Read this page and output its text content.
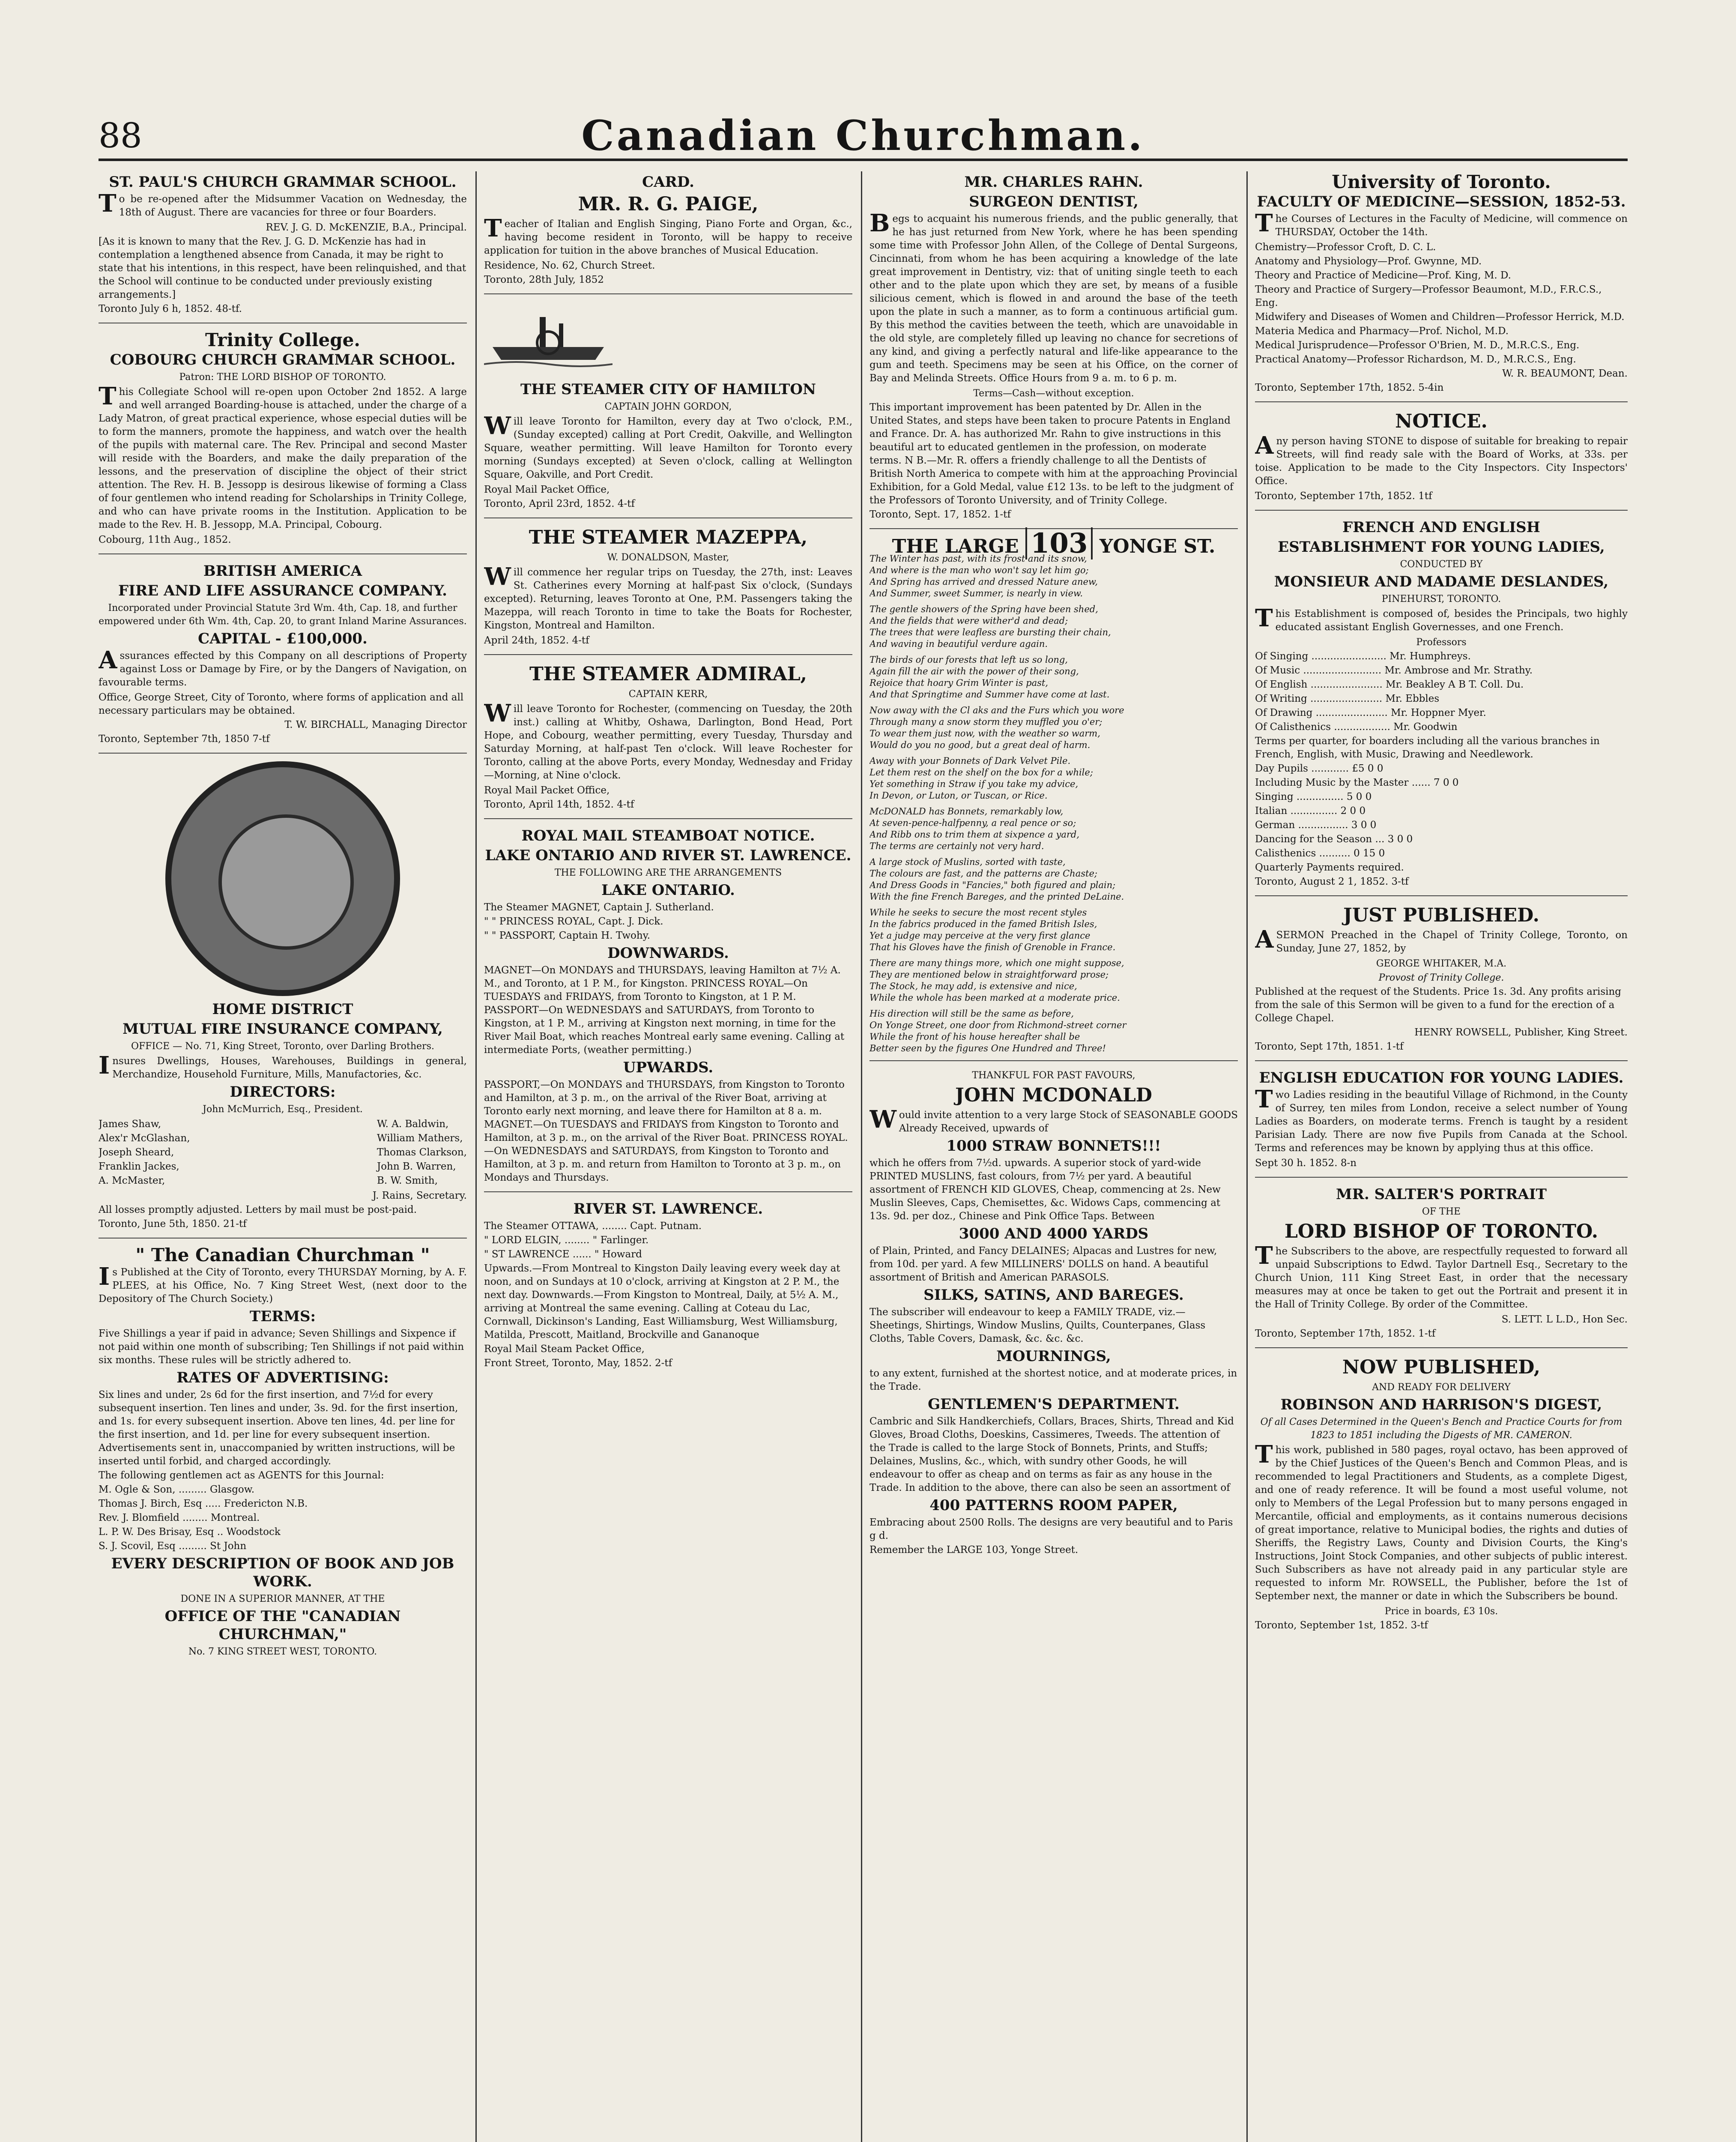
88	Canadian Churchman.
ST. PAUL'S CHURCH GRAMMAR SCHOOL.
To be re-opened after the Midsummer Vacation on Wednesday, the 18th of August. There are vacancies for three or four Boarders.
REV. J. G. D. McKENZIE, B.A., Principal.
[As it is known to many that the Rev. J. G. D. McKenzie has had in contemplation a lengthened absence from Canada, it may be right to state that his intentions, in this respect, have been relinquished, and that the School will continue to be conducted under previously existing arrangements.]
Toronto July 6 h, 1852. 48-tf.
Trinity College.
COBOURG CHURCH GRAMMAR SCHOOL.
Patron: THE LORD BISHOP OF TORONTO.
This Collegiate School will re-open upon October 2nd 1852. A large and well arranged Boarding-house is attached, under the charge of a Lady Matron, of great practical experience, whose especial duties will be to form the manners, promote the happiness, and watch over the health of the pupils with maternal care. The Rev. Principal and second Master will reside with the Boarders, and make the daily preparation of the lessons, and the preservation of discipline the object of their strict attention. The Rev. H. B. Jessopp is desirous likewise of forming a Class of four gentlemen who intend reading for Scholarships in Trinity College, and who can have private rooms in the Institution. Application to be made to the Rev. H. B. Jessopp, M.A. Principal, Cobourg.
Cobourg, 11th Aug., 1852.
BRITISH AMERICA
FIRE AND LIFE ASSURANCE COMPANY.
Incorporated under Provincial Statute 3rd Wm. 4th, Cap. 18, and further empowered under 6th Wm. 4th, Cap. 20, to grant Inland Marine Assurances.
CAPITAL - £100,000.
Assurances effected by this Company on all descriptions of Property against Loss or Damage by Fire, or by the Dangers of Navigation, on favourable terms.
Office, George Street, City of Toronto, where forms of application and all necessary particulars may be obtained.
T. W. BIRCHALL, Managing Director
Toronto, September 7th, 1850 7-tf
HOME DISTRICT
MUTUAL FIRE INSURANCE COMPANY,
OFFICE — No. 71, King Street, Toronto, over Darling Brothers.
Insures Dwellings, Houses, Warehouses, Buildings in general, Merchandize, Household Furniture, Mills, Manufactories, &c.
DIRECTORS:
John McMurrich, Esq., President.
James Shaw,
Alex'r McGlashan,
Joseph Sheard,
Franklin Jackes,
A. McMaster,
W. A. Baldwin,
William Mathers,
Thomas Clarkson,
John B. Warren,
B. W. Smith,
J. Rains, Secretary.
All losses promptly adjusted. Letters by mail must be post-paid.
Toronto, June 5th, 1850. 21-tf
" The Canadian Churchman "
Is Published at the City of Toronto, every THURSDAY Morning, by A. F. PLEES, at his Office, No. 7 King Street West, (next door to the Depository of The Church Society.)
TERMS:
Five Shillings a year if paid in advance; Seven Shillings and Sixpence if not paid within one month of subscribing; Ten Shillings if not paid within six months. These rules will be strictly adhered to.
RATES OF ADVERTISING:
Six lines and under, 2s 6d for the first insertion, and 7½d for every subsequent insertion. Ten lines and under, 3s. 9d. for the first insertion, and 1s. for every subsequent insertion. Above ten lines, 4d. per line for the first insertion, and 1d. per line for every subsequent insertion. Advertisements sent in, unaccompanied by written instructions, will be inserted until forbid, and charged accordingly.
The following gentlemen act as AGENTS for this Journal:
M. Ogle & Son, ......... Glasgow.
Thomas J. Birch, Esq ..... Fredericton N.B.
Rev. J. Blomfield ........ Montreal.
L. P. W. Des Brisay, Esq .. Woodstock
S. J. Scovil, Esq ......... St John
EVERY DESCRIPTION OF BOOK AND JOB WORK.
DONE IN A SUPERIOR MANNER, AT THE
OFFICE OF THE "CANADIAN CHURCHMAN,"
No. 7 KING STREET WEST, TORONTO.
CARD.
MR. R. G. PAIGE,
Teacher of Italian and English Singing, Piano Forte and Organ, &c., having become resident in Toronto, will be happy to receive application for tuition in the above branches of Musical Education.
Residence, No. 62, Church Street.
Toronto, 28th July, 1852
THE STEAMER CITY OF HAMILTON
CAPTAIN JOHN GORDON,
Will leave Toronto for Hamilton, every day at Two o'clock, P.M., (Sunday excepted) calling at Port Credit, Oakville, and Wellington Square, weather permitting. Will leave Hamilton for Toronto every morning (Sundays excepted) at Seven o'clock, calling at Wellington Square, Oakville, and Port Credit.
Royal Mail Packet Office,
Toronto, April 23rd, 1852. 4-tf
THE STEAMER MAZEPPA,
W. DONALDSON, Master,
Will commence her regular trips on Tuesday, the 27th, inst: Leaves St. Catherines every Morning at half-past Six o'clock, (Sundays excepted). Returning, leaves Toronto at One, P.M. Passengers taking the Mazeppa, will reach Toronto in time to take the Boats for Rochester, Kingston, Montreal and Hamilton.
April 24th, 1852. 4-tf
THE STEAMER ADMIRAL,
CAPTAIN KERR,
Will leave Toronto for Rochester, (commencing on Tuesday, the 20th inst.) calling at Whitby, Oshawa, Darlington, Bond Head, Port Hope, and Cobourg, weather permitting, every Tuesday, Thursday and Saturday Morning, at half-past Ten o'clock. Will leave Rochester for Toronto, calling at the above Ports, every Monday, Wednesday and Friday—Morning, at Nine o'clock.
Royal Mail Packet Office,
Toronto, April 14th, 1852. 4-tf
ROYAL MAIL STEAMBOAT NOTICE.
LAKE ONTARIO AND RIVER ST. LAWRENCE.
THE FOLLOWING ARE THE ARRANGEMENTS
LAKE ONTARIO.
The Steamer MAGNET, Captain J. Sutherland.
" " PRINCESS ROYAL, Capt. J. Dick.
" " PASSPORT, Captain H. Twohy.
DOWNWARDS.
MAGNET—On MONDAYS and THURSDAYS, leaving Hamilton at 7½ A. M., and Toronto, at 1 P. M., for Kingston. PRINCESS ROYAL—On TUESDAYS and FRIDAYS, from Toronto to Kingston, at 1 P. M. PASSPORT—On WEDNESDAYS and SATURDAYS, from Toronto to Kingston, at 1 P. M., arriving at Kingston next morning, in time for the River Mail Boat, which reaches Montreal early same evening. Calling at intermediate Ports, (weather permitting.)
UPWARDS.
PASSPORT,—On MONDAYS and THURSDAYS, from Kingston to Toronto and Hamilton, at 3 p. m., on the arrival of the River Boat, arriving at Toronto early next morning, and leave there for Hamilton at 8 a. m. MAGNET.—On TUESDAYS and FRIDAYS from Kingston to Toronto and Hamilton, at 3 p. m., on the arrival of the River Boat. PRINCESS ROYAL.—On WEDNESDAYS and SATURDAYS, from Kingston to Toronto and Hamilton, at 3 p. m. and return from Hamilton to Toronto at 3 p. m., on Mondays and Thursdays.
RIVER ST. LAWRENCE.
The Steamer OTTAWA, ........ Capt. Putnam.
" LORD ELGIN, ........ " Farlinger.
" ST LAWRENCE ...... " Howard
Upwards.—From Montreal to Kingston Daily leaving every week day at noon, and on Sundays at 10 o'clock, arriving at Kingston at 2 P. M., the next day. Downwards.—From Kingston to Montreal, Daily, at 5½ A. M., arriving at Montreal the same evening. Calling at Coteau du Lac, Cornwall, Dickinson's Landing, East Williamsburg, West Williamsburg, Matilda, Prescott, Maitland, Brockville and Gananoque
Royal Mail Steam Packet Office,
Front Street, Toronto, May, 1852. 2-tf
MR. CHARLES RAHN.
SURGEON DENTIST,
Begs to acquaint his numerous friends, and the public generally, that he has just returned from New York, where he has been spending some time with Professor John Allen, of the College of Dental Surgeons, Cincinnati, from whom he has been acquiring a knowledge of the late great improvement in Dentistry, viz: that of uniting single teeth to each other and to the plate upon which they are set, by means of a fusible silicious cement, which is flowed in and around the base of the teeth upon the plate in such a manner, as to form a continuous artificial gum. By this method the cavities between the teeth, which are unavoidable in the old style, are completely filled up leaving no chance for secretions of any kind, and giving a perfectly natural and life-like appearance to the gum and teeth. Specimens may be seen at his Office, on the corner of Bay and Melinda Streets. Office Hours from 9 a. m. to 6 p. m.
Terms—Cash—without exception.
This important improvement has been patented by Dr. Allen in the United States, and steps have been taken to procure Patents in England and France. Dr. A. has authorized Mr. Rahn to give instructions in this beautiful art to educated gentlemen in the profession, on moderate terms. N B.—Mr. R. offers a friendly challenge to all the Dentists of British North America to compete with him at the approaching Provincial Exhibition, for a Gold Medal, value £12 13s. to be left to the judgment of the Professors of Toronto University, and of Trinity College.
Toronto, Sept. 17, 1852. 1-tf
THE LARGE 103 YONGE ST.
The Winter has past, with its frost and its snow,
And where is the man who won't say let him go;
And Spring has arrived and dressed Nature anew,
And Summer, sweet Summer, is nearly in view.
The gentle showers of the Spring have been shed,
And the fields that were wither'd and dead;
The trees that were leafless are bursting their chain,
And waving in beautiful verdure again.
The birds of our forests that left us so long,
Again fill the air with the power of their song,
Rejoice that hoary Grim Winter is past,
And that Springtime and Summer have come at last.
Now away with the Cl aks and the Furs which you wore
Through many a snow storm they muffled you o'er;
To wear them just now, with the weather so warm,
Would do you no good, but a great deal of harm.
Away with your Bonnets of Dark Velvet Pile.
Let them rest on the shelf on the box for a while;
Yet something in Straw if you take my advice,
In Devon, or Luton, or Tuscan, or Rice.
McDONALD has Bonnets, remarkably low,
At seven-pence-halfpenny, a real pence or so;
And Ribb ons to trim them at sixpence a yard,
The terms are certainly not very hard.
A large stock of Muslins, sorted with taste,
The colours are fast, and the patterns are Chaste;
And Dress Goods in "Fancies," both figured and plain;
With the fine French Bareges, and the printed DeLaine.
While he seeks to secure the most recent styles
In the fabrics produced in the famed British Isles,
Yet a judge may perceive at the very first glance
That his Gloves have the finish of Grenoble in France.
There are many things more, which one might suppose,
They are mentioned below in straightforward prose;
The Stock, he may add, is extensive and nice,
While the whole has been marked at a moderate price.
His direction will still be the same as before,
On Yonge Street, one door from Richmond-street corner
While the front of his house hereafter shall be
Better seen by the figures One Hundred and Three!
THANKFUL FOR PAST FAVOURS,
JOHN MCDONALD
Would invite attention to a very large Stock of SEASONABLE GOODS Already Received, upwards of
1000 STRAW BONNETS!!!
which he offers from 7½d. upwards. A superior stock of yard-wide PRINTED MUSLINS, fast colours, from 7½ per yard. A beautiful assortment of FRENCH KID GLOVES, Cheap, commencing at 2s. New Muslin Sleeves, Caps, Chemisettes, &c. Widows Caps, commencing at 13s. 9d. per doz., Chinese and Pink Office Taps. Between
3000 AND 4000 YARDS
of Plain, Printed, and Fancy DELAINES; Alpacas and Lustres for new, from 10d. per yard. A few MILLINERS' DOLLS on hand. A beautiful assortment of British and American PARASOLS.
SILKS, SATINS, AND BAREGES.
The subscriber will endeavour to keep a FAMILY TRADE, viz.—Sheetings, Shirtings, Window Muslins, Quilts, Counterpanes, Glass Cloths, Table Covers, Damask, &c. &c. &c.
MOURNINGS,
to any extent, furnished at the shortest notice, and at moderate prices, in the Trade.
GENTLEMEN'S DEPARTMENT.
Cambric and Silk Handkerchiefs, Collars, Braces, Shirts, Thread and Kid Gloves, Broad Cloths, Doeskins, Cassimeres, Tweeds. The attention of the Trade is called to the large Stock of Bonnets, Prints, and Stuffs; Delaines, Muslins, &c., which, with sundry other Goods, he will endeavour to offer as cheap and on terms as fair as any house in the Trade. In addition to the above, there can also be seen an assortment of
400 PATTERNS ROOM PAPER,
Embracing about 2500 Rolls. The designs are very beautiful and to Paris g d.
Remember the LARGE 103, Yonge Street.
University of Toronto.
FACULTY OF MEDICINE—SESSION, 1852-53.
The Courses of Lectures in the Faculty of Medicine, will commence on THURSDAY, October the 14th.
Chemistry—Professor Croft, D. C. L.
Anatomy and Physiology—Prof. Gwynne, MD.
Theory and Practice of Medicine—Prof. King, M. D.
Theory and Practice of Surgery—Professor Beaumont, M.D., F.R.C.S., Eng.
Midwifery and Diseases of Women and Children—Professor Herrick, M.D.
Materia Medica and Pharmacy—Prof. Nichol, M.D.
Medical Jurisprudence—Professor O'Brien, M. D., M.R.C.S., Eng.
Practical Anatomy—Professor Richardson, M. D., M.R.C.S., Eng.
W. R. BEAUMONT, Dean.
Toronto, September 17th, 1852. 5-4in
NOTICE.
Any person having STONE to dispose of suitable for breaking to repair Streets, will find ready sale with the Board of Works, at 33s. per toise. Application to be made to the City Inspectors. City Inspectors' Office.
Toronto, September 17th, 1852. 1tf
FRENCH AND ENGLISH
ESTABLISHMENT FOR YOUNG LADIES,
CONDUCTED BY
MONSIEUR AND MADAME DESLANDES,
PINEHURST, TORONTO.
This Establishment is composed of, besides the Principals, two highly educated assistant English Governesses, and one French.
Professors
Of Singing ........................ Mr. Humphreys.
Of Music ......................... Mr. Ambrose and Mr. Strathy.
Of English ....................... Mr. Beakley A B T. Coll. Du.
Of Writing ....................... Mr. Ebbles
Of Drawing ....................... Mr. Hoppner Myer.
Of Calisthenics .................. Mr. Goodwin
Terms per quarter, for boarders including all the various branches in French, English, with Music, Drawing and Needlework.
Day Pupils ............ £5 0 0
Including Music by the Master ...... 7 0 0
Singing ............... 5 0 0
Italian ............... 2 0 0
German ................ 3 0 0
Dancing for the Season ... 3 0 0
Calisthenics .......... 0 15 0
Quarterly Payments required.
Toronto, August 2 1, 1852. 3-tf
JUST PUBLISHED.
ASERMON Preached in the Chapel of Trinity College, Toronto, on Sunday, June 27, 1852, by
GEORGE WHITAKER, M.A.
Provost of Trinity College.
Published at the request of the Students. Price 1s. 3d. Any profits arising from the sale of this Sermon will be given to a fund for the erection of a College Chapel.
HENRY ROWSELL, Publisher, King Street.
Toronto, Sept 17th, 1851. 1-tf
ENGLISH EDUCATION FOR YOUNG LADIES.
Two Ladies residing in the beautiful Village of Richmond, in the County of Surrey, ten miles from London, receive a select number of Young Ladies as Boarders, on moderate terms. French is taught by a resident Parisian Lady. There are now five Pupils from Canada at the School. Terms and references may be known by applying thus at this office.
Sept 30 h. 1852. 8-n
MR. SALTER'S PORTRAIT
OF THE
LORD BISHOP OF TORONTO.
The Subscribers to the above, are respectfully requested to forward all unpaid Subscriptions to Edwd. Taylor Dartnell Esq., Secretary to the Church Union, 111 King Street East, in order that the necessary measures may at once be taken to get out the Portrait and present it in the Hall of Trinity College. By order of the Committee.
S. LETT. L L.D., Hon Sec.
Toronto, September 17th, 1852. 1-tf
NOW PUBLISHED,
AND READY FOR DELIVERY
ROBINSON AND HARRISON'S DIGEST,
Of all Cases Determined in the Queen's Bench and Practice Courts for from 1823 to 1851 including the Digests of MR. CAMERON.
This work, published in 580 pages, royal octavo, has been approved of by the Chief Justices of the Queen's Bench and Common Pleas, and is recommended to legal Practitioners and Students, as a complete Digest, and one of ready reference. It will be found a most useful volume, not only to Members of the Legal Profession but to many persons engaged in Mercantile, official and employments, as it contains numerous decisions of great importance, relative to Municipal bodies, the rights and duties of Sheriffs, the Registry Laws, County and Division Courts, the King's Instructions, Joint Stock Companies, and other subjects of public interest. Such Subscribers as have not already paid in any particular style are requested to inform Mr. ROWSELL, the Publisher, before the 1st of September next, the manner or date in which the Subscribers be bound.
Price in boards, £3 10s.
Toronto, September 1st, 1852. 3-tf
